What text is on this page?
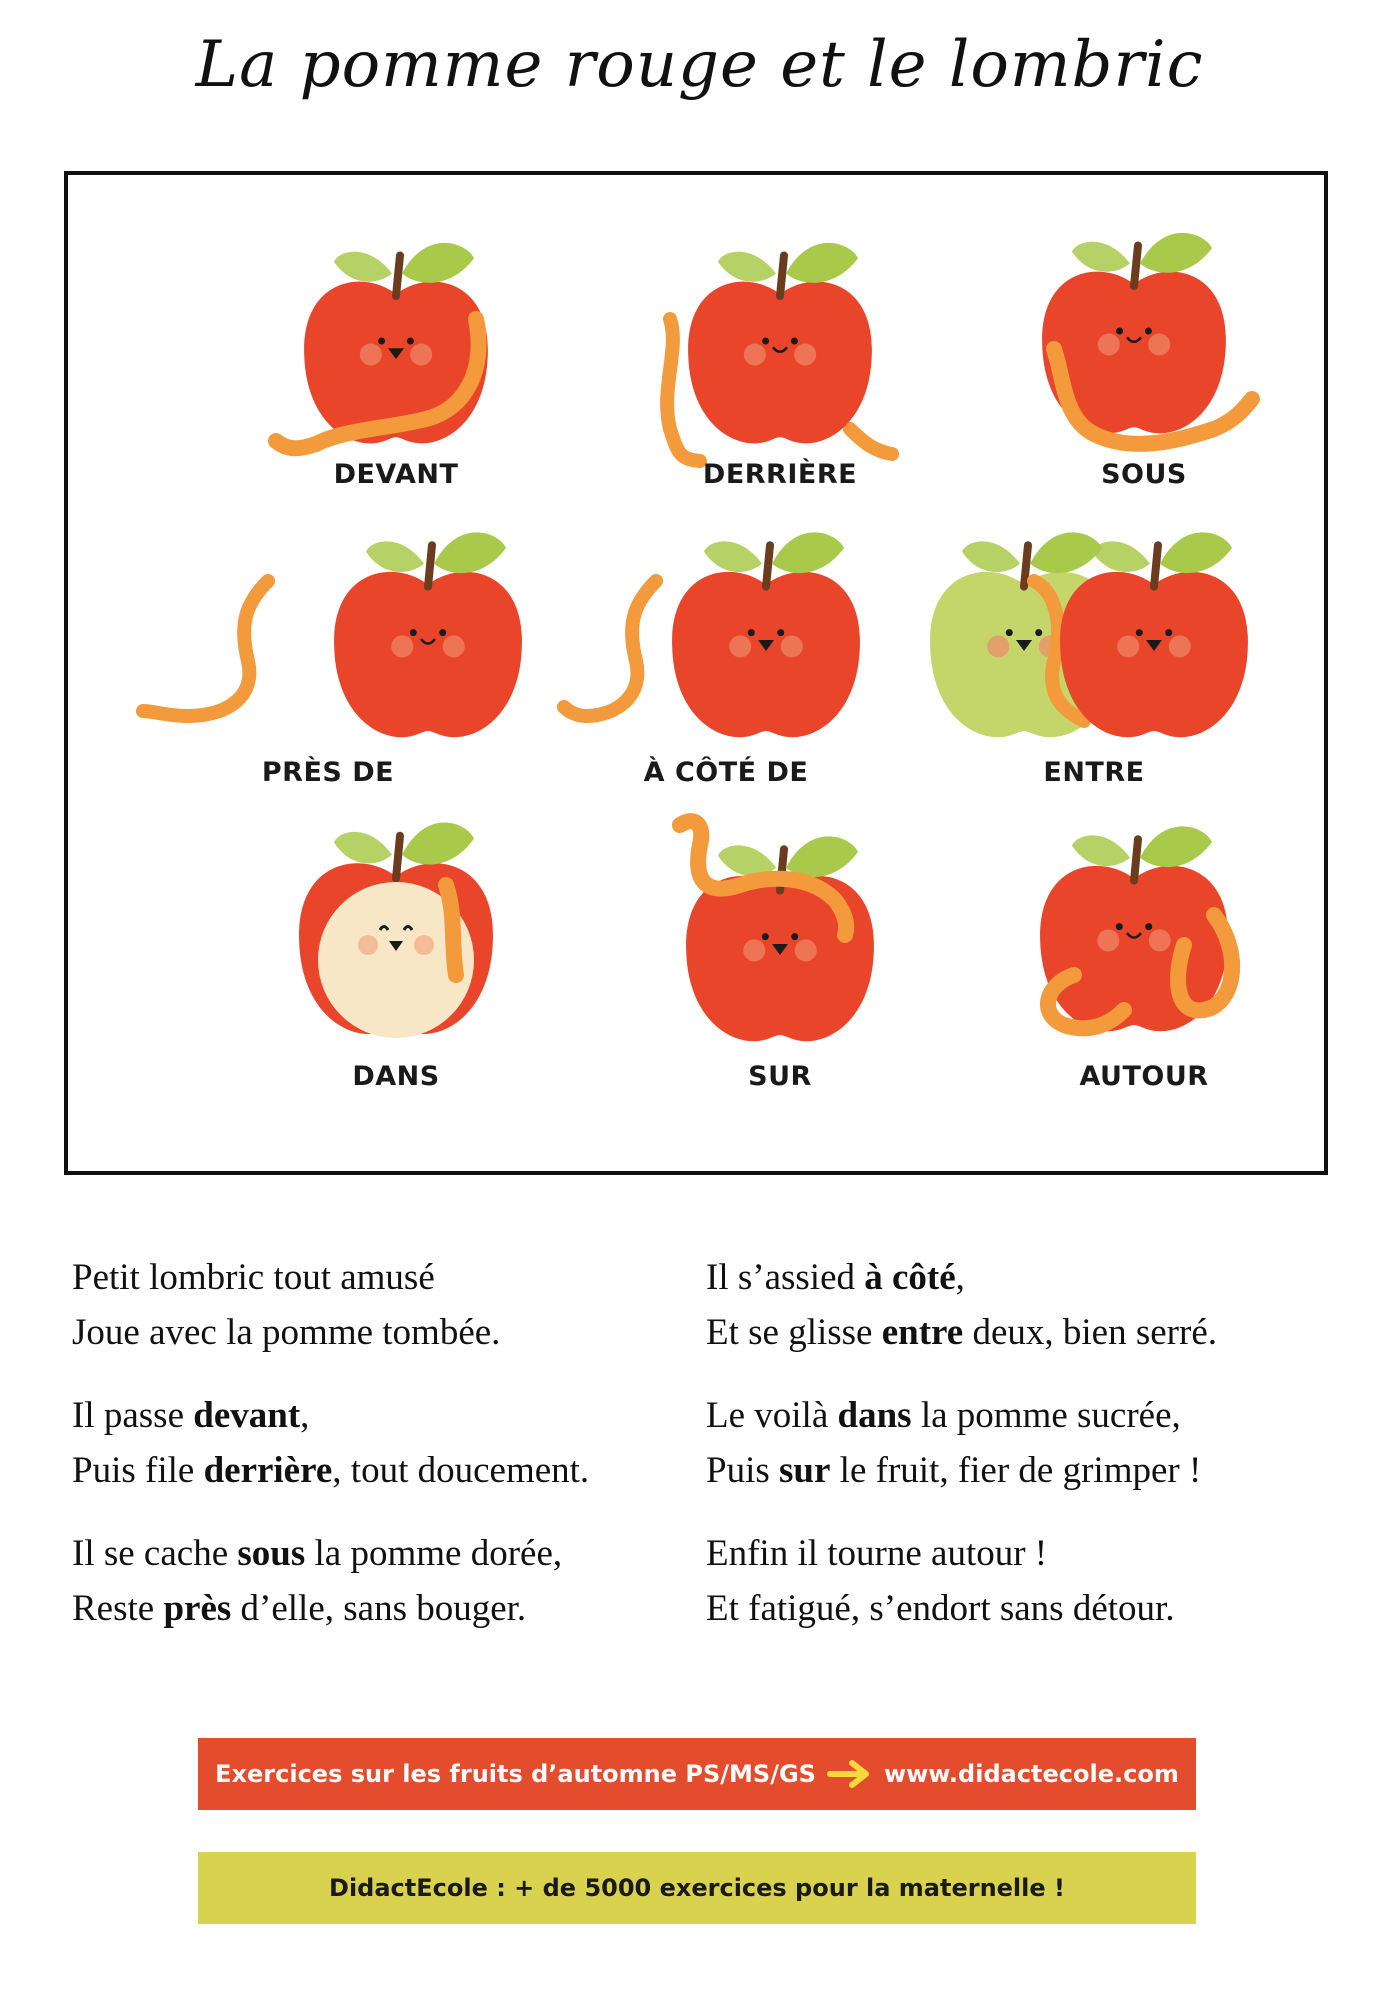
La pomme rouge et le lombric
DEVANT	DERRIÈRE	SOUS
PRÈS DE	À CÔTÉ DE	ENTRE
DANS	SUR	AUTOUR
Petit lombric tout amusé
Joue avec la pomme tombée.
Il passe devant,
Puis file derrière, tout doucement.
Il se cache sous la pomme dorée,
Reste près d’elle, sans bouger.
Il s’assied à côté,
Et se glisse entre deux, bien serré.
Le voilà dans la pomme sucrée,
Puis sur le fruit, fier de grimper !
Enfin il tourne autour !
Et fatigué, s’endort sans détour.
Exercices sur les fruits d’automne PS/MS/GS	www.didactecole.com
DidactEcole : + de 5000 exercices pour la maternelle !
